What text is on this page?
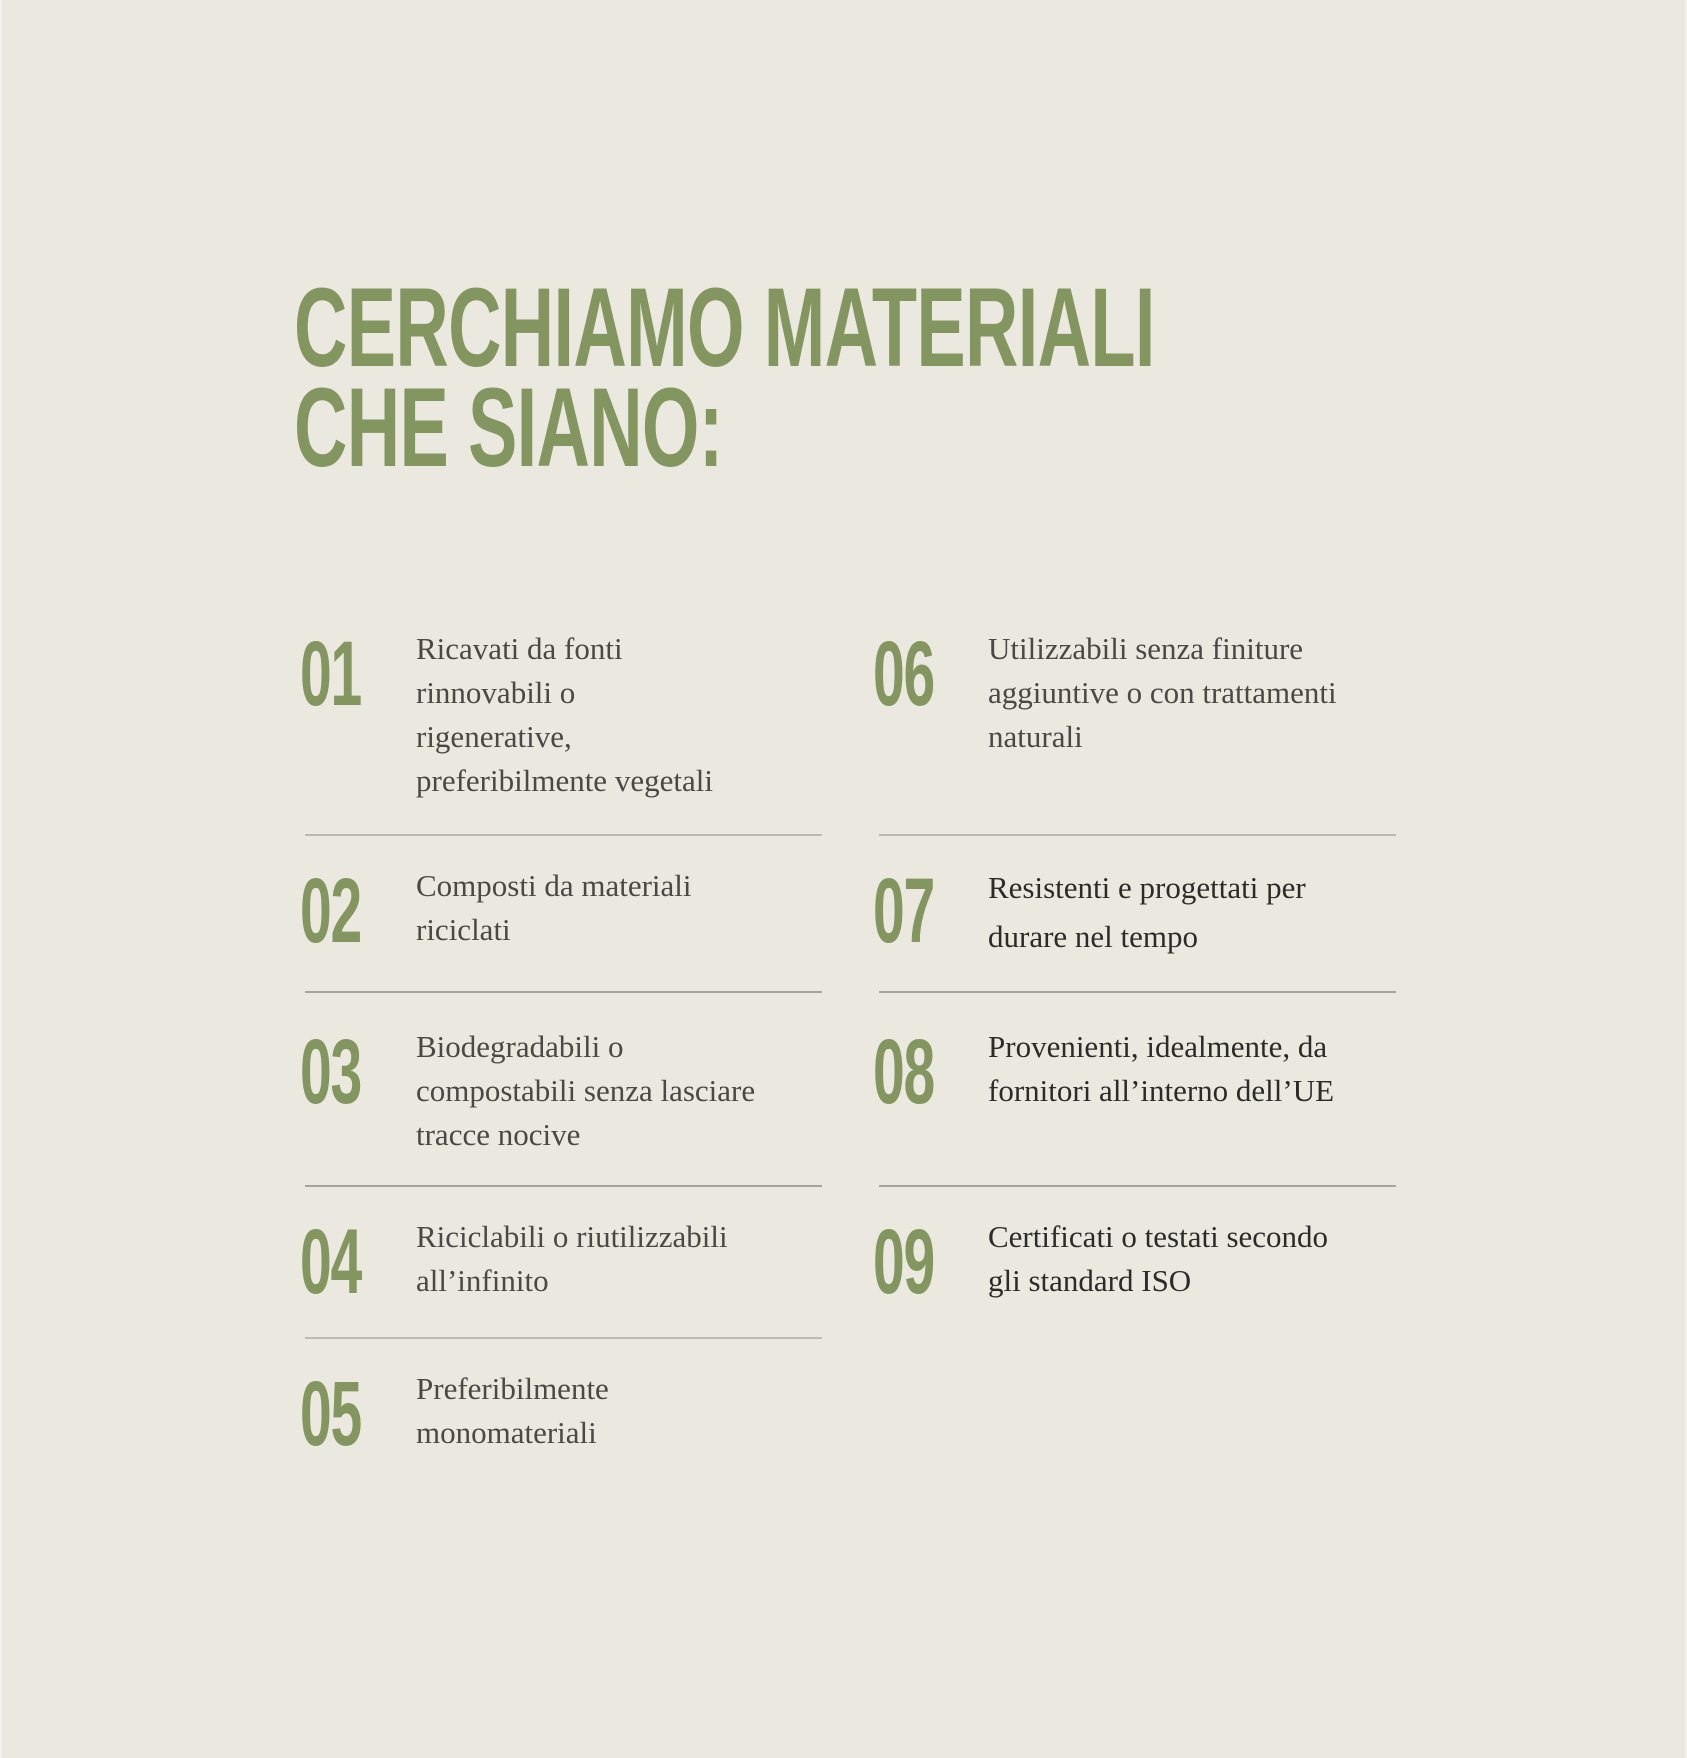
CERCHIAMO MATERIALI
CHE SIANO:
01 Ricavati da fonti
rinnovabili o
rigenerative,
preferibilmente vegetali
02 Composti da materiali
riciclati
03 Biodegradabili o
compostabili senza lasciare
tracce nocive
04 Riciclabili o riutilizzabili
all’infinito
05 Preferibilmente
monomateriali
06 Utilizzabili senza finiture
aggiuntive o con trattamenti
naturali
07 Resistenti e progettati per
durare nel tempo
08 Provenienti, idealmente, da
fornitori all’interno dell’UE
09 Certificati o testati secondo
gli standard ISO
